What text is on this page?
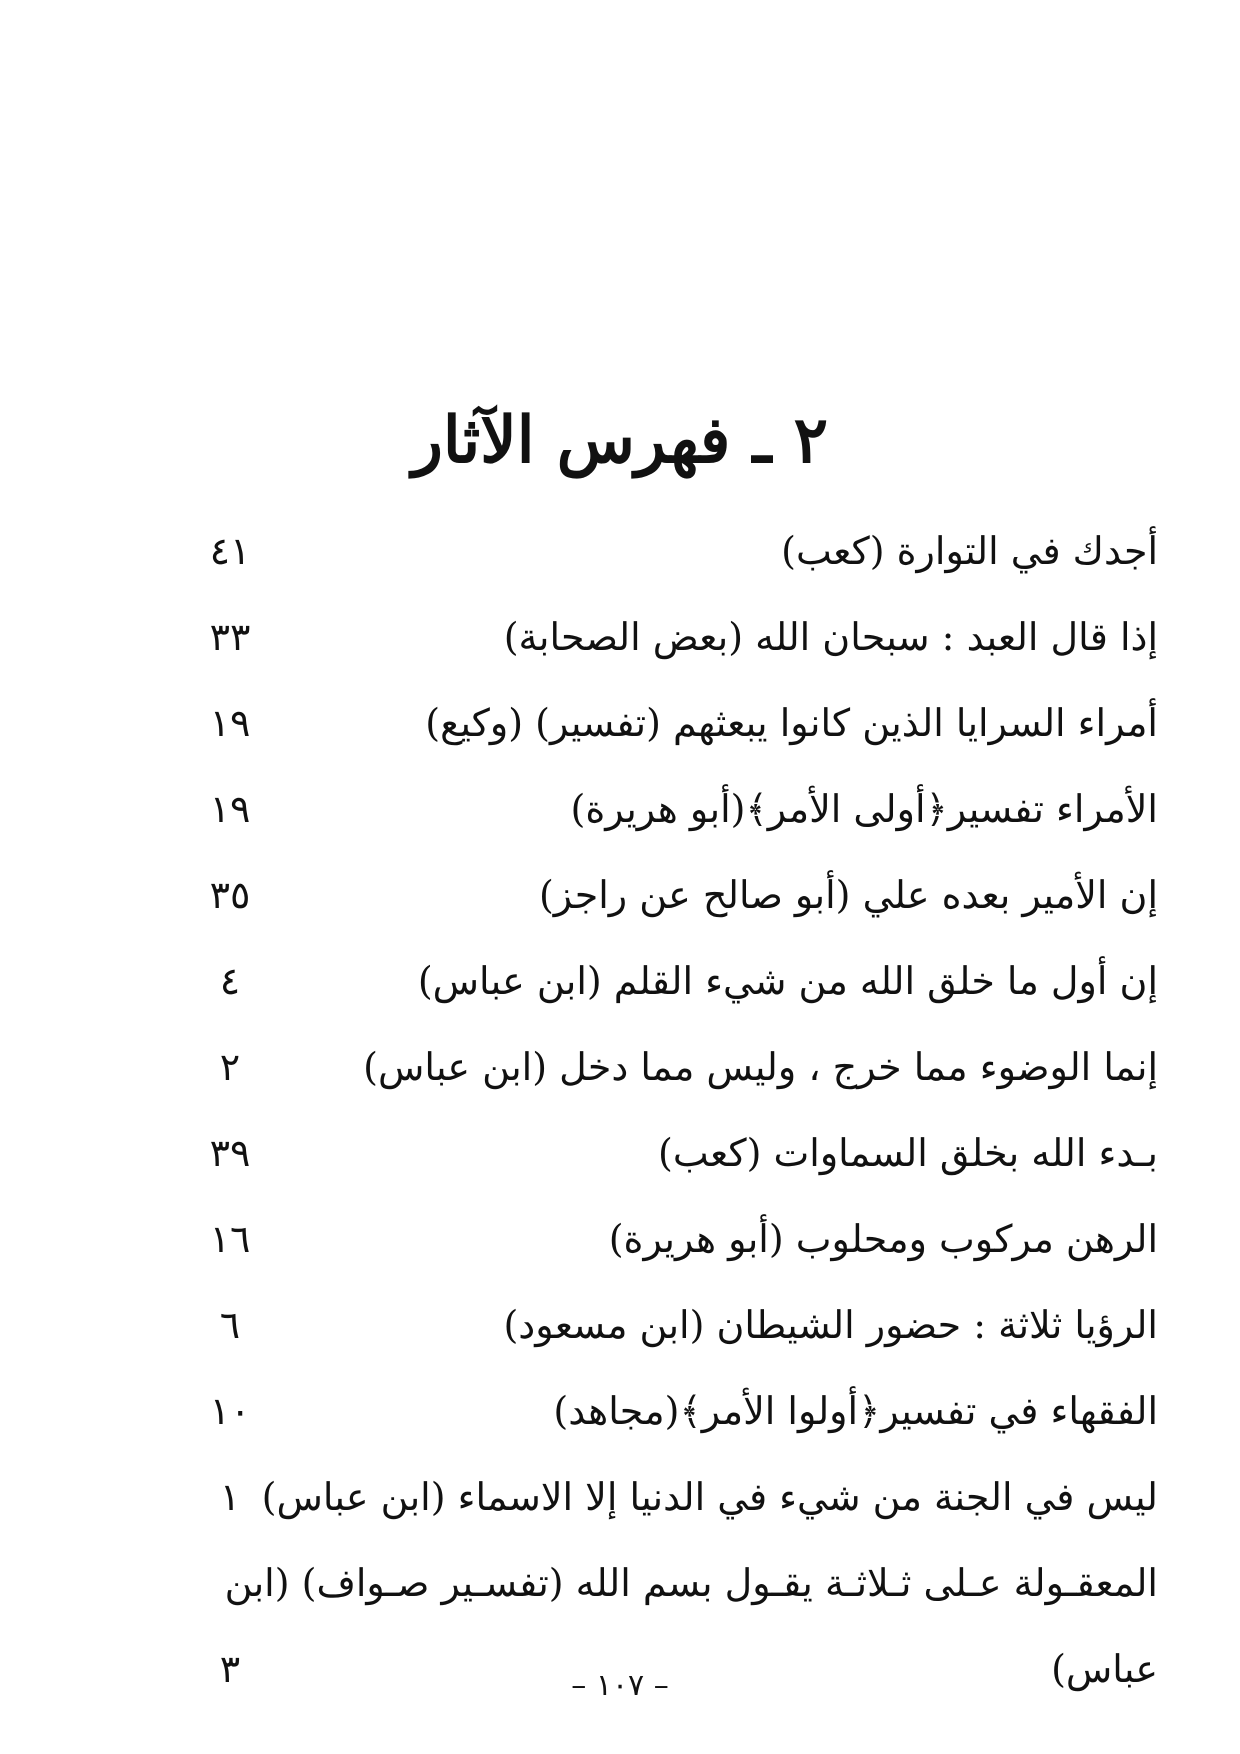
٢ ـ فهرس الآثار
أجدك في التوارة (كعب)
٤١
إذا قال العبد : سبحان الله (بعض الصحابة)
٣٣
أمراء السرايا الذين كانوا يبعثهم (تفسير) (وكيع)
١٩
الأمراء تفسير﴿أولى الأمر﴾(أبو هريرة)
١٩
إن الأمير بعده علي (أبو صالح عن راجز)
٣٥
إن أول ما خلق الله من شيء القلم (ابن عباس)
٤
إنما الوضوء مما خرج ، وليس مما دخل (ابن عباس)
٢
بـدء الله بخلق السماوات (كعب)
٣٩
الرهن مركوب ومحلوب (أبو هريرة)
١٦
الرؤيا ثلاثة : حضور الشيطان (ابن مسعود)
٦
الفقهاء في تفسير﴿أولوا الأمر﴾(مجاهد)
١٠
ليس في الجنة من شيء في الدنيا إلا الاسماء (ابن عباس)
١
المعقـولة عـلى ثـلاثـة يقـول بسم الله (تفسـير صـواف) (ابن عباس)
٣	– ١٠٧ –
